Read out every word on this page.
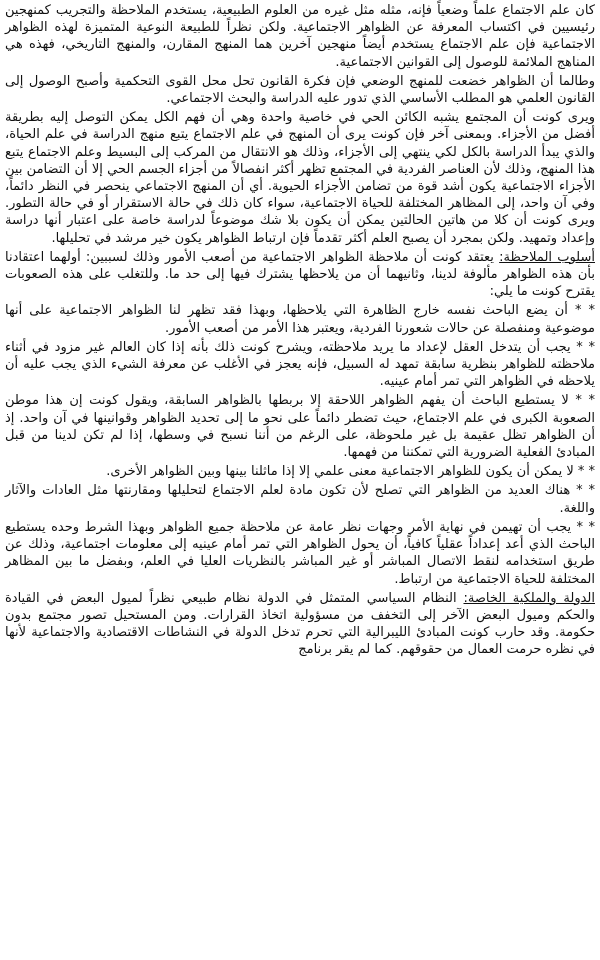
كان علم الاجتماع علماً وضعياً فإنه، مثله مثل غيره من العلوم الطبيعية، يستخدم الملاحظة والتجريب كمنهجين رئيسيين في اكتساب المعرفة عن الظواهر الاجتماعية. ولكن نظراً للطبيعة النوعية المتميزة لهذه الظواهر الاجتماعية فإن علم الاجتماع يستخدم أيضاً منهجين آخرين هما المنهج المقارن، والمنهج التاريخي، فهذه هي المناهج الملائمة للوصول إلى القوانين الاجتماعية.

وطالما أن الظواهر خضعت للمنهج الوضعي فإن فكرة القانون تحل محل القوى التحكمية وأصبح الوصول إلى القانون العلمي هو المطلب الأساسي الذي تدور عليه الدراسة والبحث الاجتماعي.

ويرى كونت أن المجتمع يشبه الكائن الحي في خاصية واحدة وهي أن فهم الكل يمكن التوصل إليه بطريقة أفضل من الأجزاء. وبمعنى آخر فإن كونت يرى أن المنهج في علم الاجتماع يتبع منهج الدراسة في علم الحياة، والذي يبدأ الدراسة بالكل لكي ينتهي إلى الأجزاء، وذلك هو الانتقال من المركب إلى البسيط وعلم الاجتماع يتبع هذا المنهج، وذلك لأن العناصر الفردية في المجتمع تظهر أكثر انفصالاً من أجزاء الجسم الحي إلا أن التضامن بين الأجزاء الاجتماعية يكون أشد قوة من تضامن الأجزاء الحيوية. أي أن المنهج الاجتماعي ينحصر في النظر دائماً، وفي آن واحد، إلى المظاهر المختلفة للحياة الاجتماعية، سواء كان ذلك في حالة الاستقرار أو في حالة التطور. ويرى كونت أن كلا من هاتين الحالتين يمكن أن يكون بلا شك موضوعاً لدراسة خاصة على اعتبار أنها دراسة وإعداد وتمهيد. ولكن بمجرد أن يصبح العلم أكثر تقدماً فإن ارتباط الظواهر يكون خير مرشد في تحليلها.

أسلوب الملاحظة: يعتقد كونت أن ملاحظة الظواهر الاجتماعية من أصعب الأمور وذلك لسببين: أولهما اعتقادنا بأن هذه الظواهر مألوفة لدينا، وثانيهما أن من يلاحظها يشترك فيها إلى حد ما. وللتغلب على هذه الصعوبات يقترح كونت ما يلي:

* * أن يضع الباحث نفسه خارج الظاهرة التي يلاحظها، وبهذا فقد تظهر لنا الظواهر الاجتماعية على أنها موضوعية ومنفصلة عن حالات شعورنا الفردية، ويعتبر هذا الأمر من أصعب الأمور.

* * يجب أن يتدخل العقل لإعداد ما يريد ملاحظته، ويشرح كونت ذلك بأنه إذا كان العالم غير مزود في أثناء ملاحظته للظواهر بنظرية سابقة تمهد له السبيل، فإنه يعجز في الأغلب عن معرفة الشيء الذي يجب عليه أن يلاحظه في الظواهر التي تمر أمام عينيه.

* * لا يستطيع الباحث أن يفهم الظواهر اللاحقة إلا بربطها بالظواهر السابقة، ويقول كونت إن هذا موطن الصعوبة الكبرى في علم الاجتماع، حيث تضطر دائماً على نحو ما إلى تحديد الظواهر وقوانينها في آن واحد. إذ أن الظواهر تظل عقيمة بل غير ملحوظة، على الرغم من أننا نسبح في وسطها، إذا لم تكن لدينا من قبل المبادئ الفعلية الضرورية التي تمكننا من فهمها.

* * لا يمكن أن يكون للظواهر الاجتماعية معنى علمي إلا إذا ماثلنا بينها وبين الظواهر الأخرى.

* * هناك العديد من الظواهر التي تصلح لأن تكون مادة لعلم الاجتماع لتحليلها ومقارنتها مثل العادات والآثار واللغة.

* * يجب أن تهيمن في نهاية الأمر وجهات نظر عامة عن ملاحظة جميع الظواهر وبهذا الشرط وحده يستطيع الباحث الذي أعد إعداداً عقلياً كافياً، أن يحول الظواهر التي تمر أمام عينيه إلى معلومات اجتماعية، وذلك عن طريق استخدامه لنقط الاتصال المباشر أو غير المباشر بالنظريات العليا في العلم، وبفضل ما بين المظاهر المختلفة للحياة الاجتماعية من ارتباط.

الدولة والملكية الخاصة: النظام السياسي المتمثل في الدولة نظام طبيعي نظراً لميول البعض في القيادة والحكم وميول البعض الآخر إلى التخفف من مسؤولية اتخاذ القرارات. ومن المستحيل تصور مجتمع بدون حكومة. وقد حارب كونت المبادئ الليبرالية التي تحرم تدخل الدولة في النشاطات الاقتصادية والاجتماعية لأنها في نظره حرمت العمال من حقوقهم. كما لم يقر برنامج
